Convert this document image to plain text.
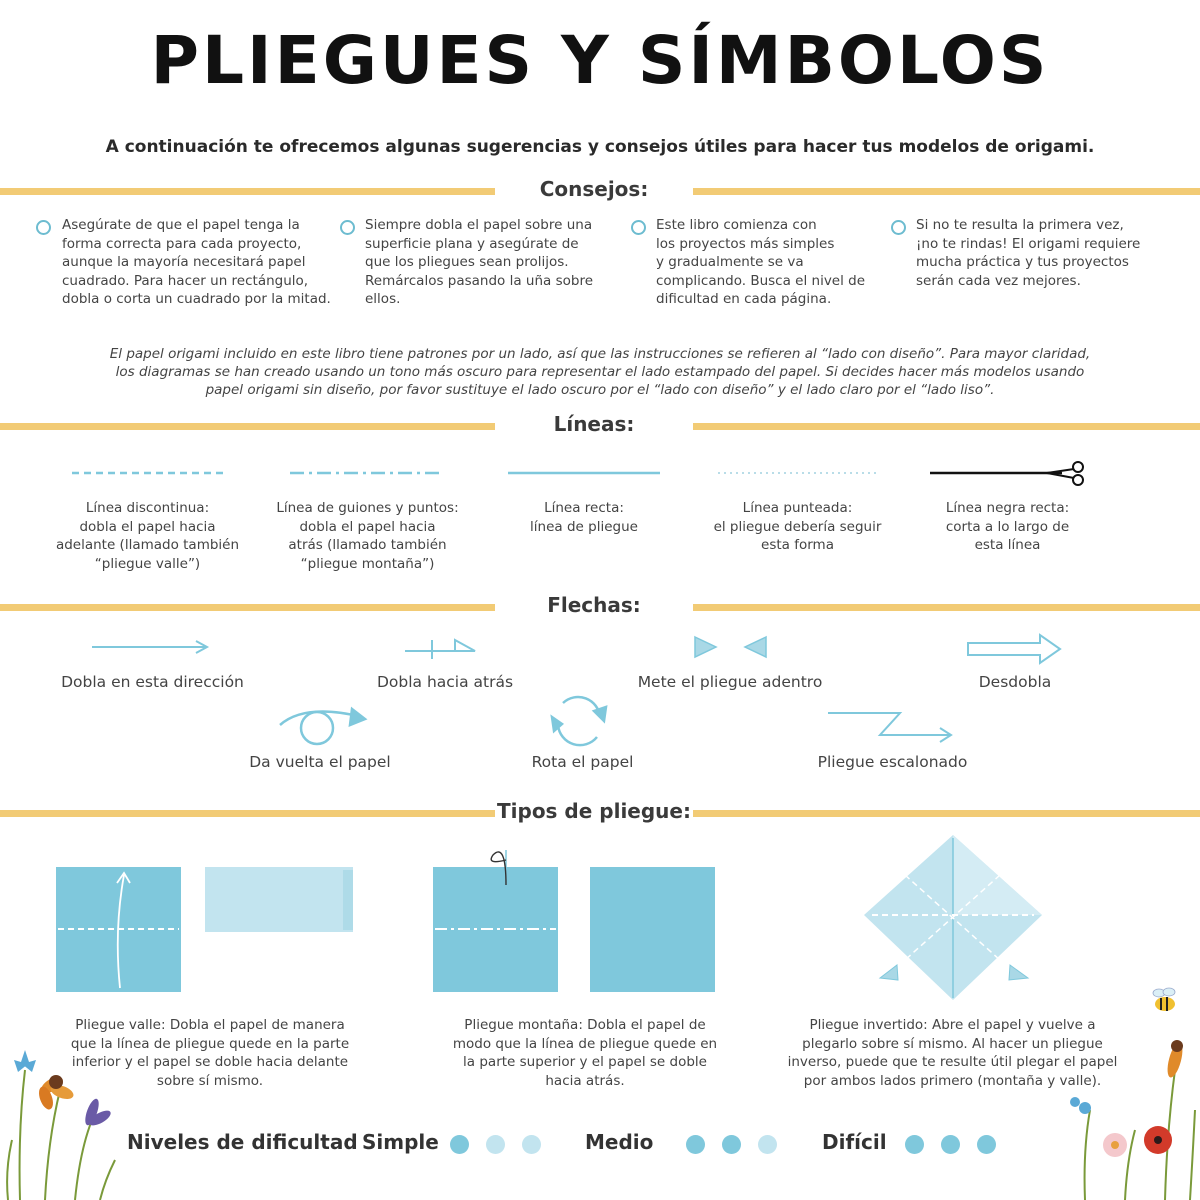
PLIEGUES Y SÍMBOLOS
A continuación te ofrecemos algunas sugerencias y consejos útiles para hacer tus modelos de origami.
Consejos:
Asegúrate de que el papel tenga la
forma correcta para cada proyecto,
aunque la mayoría necesitará papel
cuadrado. Para hacer un rectángulo,
dobla o corta un cuadrado por la mitad.
Siempre dobla el papel sobre una
superficie plana y asegúrate de
que los pliegues sean prolijos.
Remárcalos pasando la uña sobre
ellos.
Este libro comienza con
los proyectos más simples
y gradualmente se va
complicando. Busca el nivel de
dificultad en cada página.
Si no te resulta la primera vez,
¡no te rindas! El origami requiere
mucha práctica y tus proyectos
serán cada vez mejores.
El papel origami incluido en este libro tiene patrones por un lado, así que las instrucciones se refieren al “lado con diseño”. Para mayor claridad,
los diagramas se han creado usando un tono más oscuro para representar el lado estampado del papel. Si decides hacer más modelos usando
papel origami sin diseño, por favor sustituye el lado oscuro por el “lado con diseño” y el lado claro por el “lado liso”.
Líneas:
Línea discontinua:
dobla el papel hacia
adelante (llamado también
“pliegue valle”)
Línea de guiones y puntos:
dobla el papel hacia
atrás (llamado también
“pliegue montaña”)
Línea recta:
línea de pliegue
Línea punteada:
el pliegue debería seguir
esta forma
Línea negra recta:
corta a lo largo de
esta línea
Flechas:
Dobla en esta dirección	Dobla hacia atrás	Mete el pliegue adentro	Desdobla
Da vuelta el papel	Rota el papel	Pliegue escalonado
Tipos de pliegue:
Pliegue valle: Dobla el papel de manera
que la línea de pliegue quede en la parte
inferior y el papel se doble hacia delante
sobre sí mismo.
Pliegue montaña: Dobla el papel de
modo que la línea de pliegue quede en
la parte superior y el papel se doble
hacia atrás.
Pliegue invertido: Abre el papel y vuelve a
plegarlo sobre sí mismo. Al hacer un pliegue
inverso, puede que te resulte útil plegar el papel
por ambos lados primero (montaña y valle).
Niveles de dificultad Simple	Medio	Difícil
